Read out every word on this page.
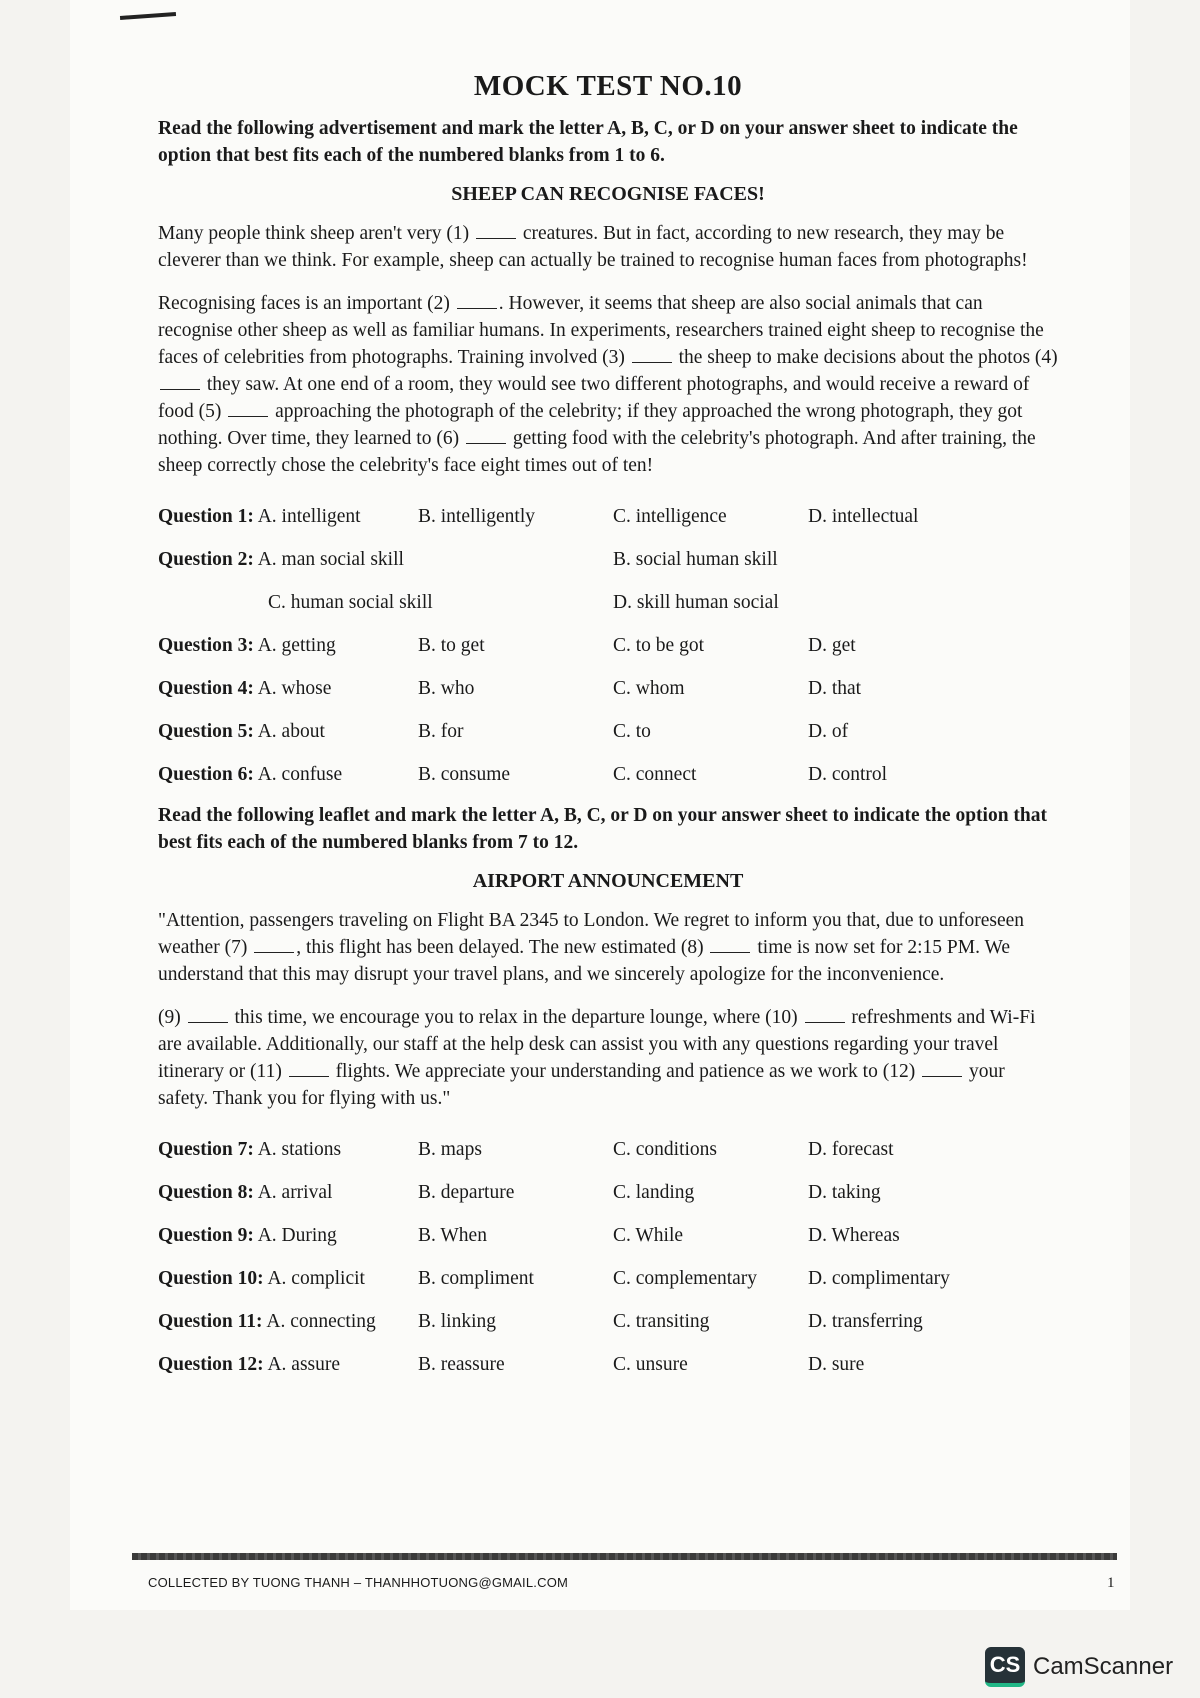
MOCK TEST NO.10

Read the following advertisement and mark the letter A, B, C, or D on your answer sheet to indicate the option that best fits each of the numbered blanks from 1 to 6.

SHEEP CAN RECOGNISE FACES!

Many people think sheep aren't very (1)	creatures. But in fact, according to new research, they may be cleverer than we think. For example, sheep can actually be trained to recognise human faces from photographs!

Recognising faces is an important (2)	. However, it seems that sheep are also social animals that can recognise other sheep as well as familiar humans. In experiments, researchers trained eight sheep to recognise the faces of celebrities from photographs. Training involved (3)	the sheep to make decisions about the photos (4)  they saw. At one end of a room, they would see two different photographs, and would receive a reward of food (5)	approaching the photograph of the celebrity; if they approached the wrong photograph, they got nothing. Over time, they learned to (6)	getting food with the celebrity's photograph. And after training, the sheep correctly chose the celebrity's face eight times out of ten!

Question 1: A. intelligent	B. intelligently	C. intelligence	D. intellectual
Question 2: A. man social skill	B. social human skill
C. human social skill	D. skill human social
Question 3: A. getting	B. to get	C. to be got	D. get
Question 4: A. whose	B. who	C. whom	D. that
Question 5: A. about	B. for	C. to	D. of
Question 6: A. confuse	B. consume	C. connect	D. control

Read the following leaflet and mark the letter A, B, C, or D on your answer sheet to indicate the option that best fits each of the numbered blanks from 7 to 12.

AIRPORT ANNOUNCEMENT

"Attention, passengers traveling on Flight BA 2345 to London. We regret to inform you that, due to unforeseen weather (7)	, this flight has been delayed. The new estimated (8)	time is now set for 2:15 PM. We understand that this may disrupt your travel plans, and we sincerely apologize for the inconvenience.

(9)	this time, we encourage you to relax in the departure lounge, where (10)	refreshments and Wi-Fi are available. Additionally, our staff at the help desk can assist you with any questions regarding your travel itinerary or (11)	flights. We appreciate your understanding and patience as we work to (12)	your safety. Thank you for flying with us."

Question 7: A. stations	B. maps	C. conditions	D. forecast
Question 8: A. arrival	B. departure	C. landing	D. taking
Question 9: A. During	B. When	C. While	D. Whereas
Question 10: A. complicit	B. compliment	C. complementary	D. complimentary
Question 11: A. connecting	B. linking	C. transiting	D. transferring
Question 12: A. assure	B. reassure	C. unsure	D. sure
COLLECTED BY TUONG THANH – THANHHOTUONG@GMAIL.COM	1
CS CamScanner
